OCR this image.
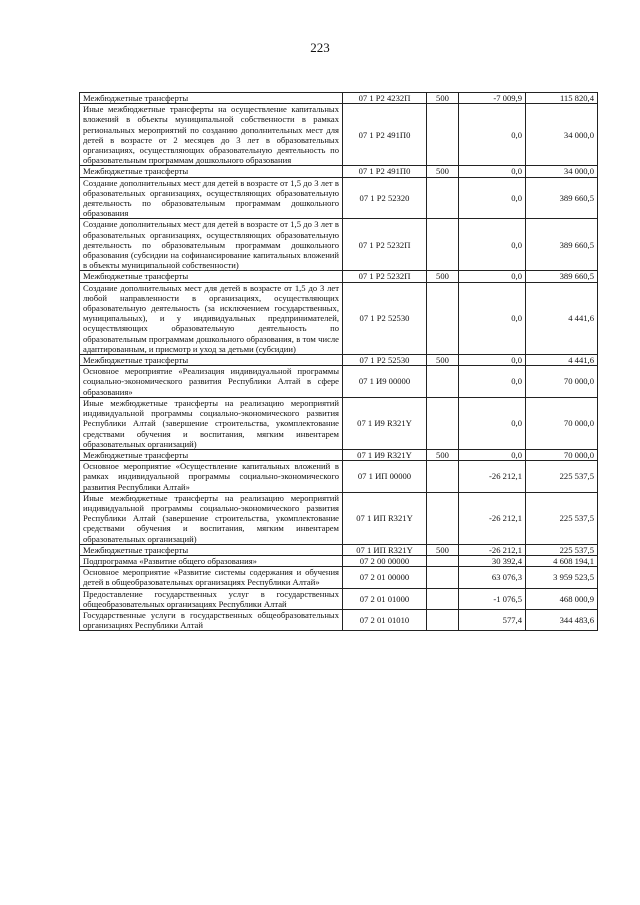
223
Межбюджетные трансферты	07 1 Р2 4232П	500	-7 009,9	115 820,4
Иные межбюджетные трансферты на осуществление капитальных вложений в объекты муниципальной собственности в рамках региональных мероприятий по созданию дополнительных мест для детей в возрасте от 2 месяцев до 3 лет в образовательных организациях, осуществляющих образовательную деятельность по образовательным программам дошкольного образования	07 1 Р2 491П0		0,0	34 000,0
Межбюджетные трансферты	07 1 Р2 491П0	500	0,0	34 000,0
Создание дополнительных мест для детей в возрасте от 1,5 до 3 лет в образовательных организациях, осуществляющих образовательную деятельность по образовательным программам дошкольного образования	07 1 Р2 52320		0,0	389 660,5
Создание дополнительных мест для детей в возрасте от 1,5 до 3 лет в образовательных организациях, осуществляющих образовательную деятельность по образовательным программам дошкольного образования (субсидии на софинансирование капитальных вложений в объекты муниципальной собственности)	07 1 Р2 5232П		0,0	389 660,5
Межбюджетные трансферты	07 1 Р2 5232П	500	0,0	389 660,5
Создание дополнительных мест для детей в возрасте от 1,5 до 3 лет любой направленности в организациях, осуществляющих образовательную деятельность (за исключением государственных, муниципальных), и у индивидуальных предпринимателей, осуществляющих образовательную деятельность по образовательным программам дошкольного образования, в том числе адаптированным, и присмотр и уход за детьми (субсидии)	07 1 Р2 52530		0,0	4 441,6
Межбюджетные трансферты	07 1 Р2 52530	500	0,0	4 441,6
Основное мероприятие «Реализация индивидуальной программы социально-экономического развития Республики Алтай в сфере образования»	07 1 И9 00000		0,0	70 000,0
Иные межбюджетные трансферты на реализацию мероприятий индивидуальной программы социально-экономического развития Республики Алтай (завершение строительства, укомплектование средствами обучения и воспитания, мягким инвентарем образовательных организаций)	07 1 И9 R321Y		0,0	70 000,0
Межбюджетные трансферты	07 1 И9 R321Y	500	0,0	70 000,0
Основное мероприятие «Осуществление капитальных вложений в рамках индивидуальной программы социально-экономического развития Республики Алтай»	07 1 ИП 00000		-26 212,1	225 537,5
Иные межбюджетные трансферты на реализацию мероприятий индивидуальной программы социально-экономического развития Республики Алтай (завершение строительства, укомплектование средствами обучения и воспитания, мягким инвентарем образовательных организаций)	07 1 ИП R321Y		-26 212,1	225 537,5
Межбюджетные трансферты	07 1 ИП R321Y	500	-26 212,1	225 537,5
Подпрограмма «Развитие общего образования»	07 2 00 00000		30 392,4	4 608 194,1
Основное мероприятие «Развитие системы содержания и обучения детей в общеобразовательных организациях Республики Алтай»	07 2 01 00000		63 076,3	3 959 523,5
Предоставление государственных услуг в государственных общеобразовательных организациях Республики Алтай	07 2 01 01000		-1 076,5	468 000,9
Государственные услуги в государственных общеобразовательных организациях Республики Алтай	07 2 01 01010		577,4	344 483,6
